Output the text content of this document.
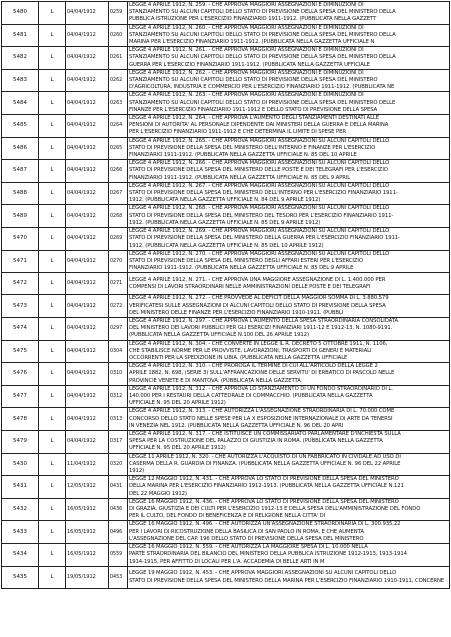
5480	L	04/04/1912	0259	LEGGE 4 APRILE 1912, N. 259. - CHE APPROVA MAGGIORI ASSEGNAZIONI E DIMINUZIONI DI
STANZIAMENTO SU ALCUNI CAPITOLI DELLO STATO DI PREVISIONE DELLA SPESA DEL MINISTERO DELLA
PUBBLICA ISTRUZIONE PER L'ESERCIZIO FINANZIARIO 1911-1912. (PUBBLICATA NELLA GAZZETT

5481	L	04/04/1912	0260	LEGGE 4 APRILE 1912, N. 260. - CHE APPROVA MAGGIORI ASSEGNAZIONI E DIMINUZIONI DI
STANZIAMENTO SU ALCUNI CAPITOLI DELLO STATO DI PREVISIONE DELLA SPESA DEL MINISTERO DELLA
MARINA PER L'ESERCIZIO FINANZIARIO 1911-1912. (PUBBLICATA NELLA GAZZETTA UFFICIALE N

5482	L	04/04/1912	0261	LEGGE 4 APRILE 1912, N. 261. - CHE APPROVA MAGGIORI ASSEGNAZIONI E DIMINUZIONI DI
STANZIAMENTO SU ALCUNI CAPITOLI DELLO STATO DI PREVISIONE DELLA SPESA DEL MINISTERO DELLA
GUERRA PER L'ESERCIZIO FINANZIARIO 1911-1912. (PUBBLICATA NELLA GAZZETTA UFFICIALE

5483	L	04/04/1912	0262	LEGGE 4 APRILE 1912, N. 262. - CHE APPROVA MAGGIORI ASSEGNAZIONI E DIMINUZIONI DI
STANZIAMENTO SU ALCUNI CAPITOLI DELLO STATO DI PREVISIONE DELLA SPESA DEL MINISTERO
D'AGRICOLTURA, INDUSTRIA E COMMERCIO PER L'ESERCIZIO FINANZIARIO 1911-1912. (PUBBLICATA NE

5484	L	04/04/1912	0263	LEGGE 4 APRILE 1912, N. 263. - CHE APPROVA MAGGIORI ASSEGNAZIONI E DIMINUZIONI DI
STANZIAMENTO SU ALCUNI CAPITOLI DELLO STATO DI PREVISIONE DELLA SPESA DEL MINISTERO DELLE
FINANZE PER L'ESERCIZIO FINANZIARIO 1911-1912 E DELLO STATO DI PREVISIONE DELLA SPESA

5485	L	04/04/1912	0264	LEGGE 4 APRILE 1912, N. 264. - CHE APPROVA L'AUMENTO DEGLI STANZIAMENTI DESTINATI ALLE
PENSIONI DI AUTORITA' AL PERSONALE DIPENDENTE DAI MINISTERI DELLA GUERRA E DELLA MARINA
PER L'ESERCIZIO FINANZIARIO 1911-1912 E CHE DETERMINA IL LIMITE DI SPESE PER

5486	L	04/04/1912	0265	LEGGE 4 APRILE 1912, N. 265. - CHE APPROVA MAGGIORI ASSEGNAZIONI SU ALCUNI CAPITOLI DELLO
STATO DI PREVISIONE DELLA SPESA DEL MINISTERO DELL'INTERNO E FINANZE PER L'ESERCIZIO
FINANZIARIO 1911-1912. (PUBBLICATA NELLA GAZZETTA UFFICIALE N. 85 DEL 10 APRILE

5487	L	04/04/1912	0266	LEGGE 4 APRILE 1912, N. 266. - CHE APPROVA MAGGIORI ASSEGNAZIONI SU ALCUNI CAPITOLI DELLO
STATO DI PREVISIONE DELLA SPESA DEL MINISTERO DELLE POSTE E DEI TELEGRAFI PER L'ESERCIZIO
FINANZIARIO 1911-1912. (PUBBLICATA NELLA GAZZETTA UFFICIALE N. 85 DEL 9 APRIL

5488	L	04/04/1912	0267	LEGGE 4 APRILE 1912, N. 267. - CHE APPROVA MAGGIORI ASSEGNAZIONI SU ALCUNI CAPITOLI DELLO
STATO DI PREVISIONE DELLA SPESA DEL MINISTERO DELL'INTERNO PER L'ESERCIZIO FINANZIARIO 1911-
1912. (PUBBLICATA NELLA GAZZETTA UFFICIALE N. 84 DEL 9 APRILE 1912)

5489	L	04/04/1912	0268	LEGGE 4 APRILE 1912, N. 268. - CHE APPROVA MAGGIORI ASSEGNAZIONI SU ALCUNI CAPITOLI DELLO
STATO DI PREVISIONE DELLA SPESA DEL MINISTERO DEL TESORO PER L'ESERCIZIO FINANZIARIO 1911-
1912. (PUBBLICATA NELLA GAZZETTA UFFICIALE N. 85 DEL 9 APRILE 1912)

5470	L	04/04/1912	0269	LEGGE 4 APRILE 1912, N. 269. - CHE APPROVA MAGGIORI ASSEGNAZIONI SU ALCUNI CAPITOLI DELLO
STATO DI PREVISIONE DELLA SPESA DEL MINISTERO DELLA GUERRA PER L'ESERCIZIO FINANZIARIO 1911-
1912. (PUBBLICATA NELLA GAZZETTA UFFICIALE N. 85 DEL 10 APRILE 1912)

5471	L	04/04/1912	0270	LEGGE 4 APRILE 1912, N. 270. - CHE APPROVA MAGGIORI ASSEGNAZIONI SU ALCUNI CAPITOLI DELLO
STATO DI PREVISIONE DELLA SPESA DEL MINISTERO DEGLI AFFARI ESTERI PER L'ESERCIZIO
FINANZIARIO 1911-1912. (PUBBLICATA NELLA GAZZETTA UFFICIALE N. 85 DEL 9 APRILE

5472	L	04/04/1912	0271	LEGGE 4 APRILE 1912, N. 271. - CHE APPROVA UNA MAGGIORE ASSEGNAZIONE DI L. 1.400.000 PER
COMPENSI DI LAVORI STRAORDINARI NELLE AMMINISTRAZIONI DELLE POSTE E DEI TELEGRAFI

5473	L	04/04/1912	0272	LEGGE 4 APRILE 1912, N. 272. - CHE PROVVEDE AL DEFICIT DELLA MAGGIOR SOMMA DI L. 3.880.579
VERIFICATESI SULLE ASSEGNAZIONI DI ALCUNI CAPITOLI DELLO STATO DI PREVISIONE DELLA SPESA
DEL MINISTERO DELLE FINANZE PER L'ESERCIZIO FINANZIARIO 1910-1911. (PUBBLI

5474	L	04/04/1912	0297	LEGGE 4 APRILE 1912, N. 297. - CHE APPROVA L'AUMENTO DELLA SPESA STRAORDINARIA CONSOLIDATA
DEL MINISTERO DEI LAVORI PUBBLICI PER GLI ESERCIZI FINANZIARI 1911-12 E 1912-13, N. 1080-9191.
(PUBBLICATA NELLA GAZZETTA UFFICIALE N.100 DEL 26 APRILE 1912)

5475	L	04/04/1912	0304	LEGGE 4 APRILE 1912, N. 304. - CHE CONVERTE IN LEGGE IL R. DECRETO 5 OTTOBRE 1911, N. 1106,
CHE STABILISCE NORME PER LE PROVVISTE, LAVORAZIONI, TRASPORTI DI GENERI E MATERIALI
OCCORRENTI PER LA SPEDIZIONE IN LIBIA. (PUBBLICATA NELLA GAZZETTA UFFICIALE

5476	L	04/04/1912	0310	LEGGE 4 APRILE 1912, N. 310. - CHE PROROGA IL TERMINE DI CUI ALL'ARTICOLO DELLA LEGGE 2
APRILE 1882, N. 698, (SERIE 3) SULL'AFFRANCAZIONE DELLE SERVITU' DI ERBATICO DI PASCOLO NELLE
PROVINCIE VENETE E DI MANTOVA. (PUBBLICATA NELLA GAZZETTA

5477	L	04/04/1912	0312	LEGGE 4 APRILE 1912, N. 312. - CHE APPROVA LO STANZIAMENTO DI UN FONDO STRAORDINARIO DI L.
140.000 PER I RESTAURI DELLA CATTEDRALE DI COMMACCHIO. (PUBBLICATA NELLA GAZZETTA
UFFICIALE N. 95 DEL 20 APRILE 1912)

5478	L	04/04/1912	0313	LEGGE 4 APRILE 1912, N. 313. - CHE AUTORIZZA L'ASSEGNAZIONE STRAORDINARIA DI L. 70.000 COME
CONCORSO DELLO STATO NELLE SPESE PER LA X ESPOSIZIONE INTERNAZIONALE DI ARTE DA TENERSI
IN VENEZIA NEL 1912. (PUBBLICATA NELLA GAZZETTA UFFICIALE N. 96 DEL 20 APRI

5479	L	04/04/1912	0317	LEGGE 4 APRILE 1912, N. 317. - CHE ISTITUISCE UN COMMISSARIATO PARLAMENTARE D'INCHIESTA SULLA
SPESA PER LA COSTRUZIONE DEL PALAZZO DI GIUSTIZIA IN ROMA. (PUBBLICATA NELLA GAZZETTA
UFFICIALE N. 95 DEL 20 APRILE 1912)

5430	L	11/04/1912	0320	LEGGE 11 APRILE 1912, N. 320. - CHE AUTORIZZA L'ACQUISTO DI UN FABBRICATO IN CIVIDALE AD USO DI
CASERMA DELLA R. GUARDIA DI FINANZA. (PUBBLICATA NELLA GAZZETTA UFFICIALE N. 96 DEL 22 APRILE
1912)

5431	L	12/05/1912	0431	LEGGE 12 MAGGIO 1912, N. 431. - CHE APPROVA LO STATO DI PREVISIONE DELLA SPESA DEL MINISTERO
DELLA MARINA PER L'ESERCIZIO FINANZIARIO 1912-1913. (PUBBLICATA NELLA GAZZETTA UFFICIALE N.121
DEL 22 MAGGIO 1912)

5432	L	16/05/1912	0436	LEGGE 16 MAGGIO 1912, N. 436. - CHE APPROVA LO STATO DI PREVISIONE DELLA SPESA DEL MINISTERO
DI GRAZIA, GIUSTIZIA E DEI CULTI PER L'ESERCIZIO 1912-13 E DELLA SPESA DELL'AMMINISTRAZIONE DEL FONDO
PER IL CULTO, DEL FONDO DI BENEFICENZA E DI RELIGIONE NELLA CITTA' DI

5433	L	16/05/1912	0496	LEGGE 16 MAGGIO 1912, N. 496. - CHE AUTORIZZA UN'ASSEGNAZIONE STRAORDINARIA DI L. 300.935,22
PER I LAVORI DI RICOSTRUZIONE DELLA BASILICA DI SAN PAOLO IN ROMA, E CHE AUMENTA
L'ASSEGNAZIONE DEL CAP. 196 DELLO STATO DI PREVISIONE DELLA SPESA DEL MINISTERO

5434	L	16/05/1912	0559	LEGGE 16 MAGGIO 1912, N. 559. - CHE AUTORIZZA LA MAGGIORE SPESA DI L. 10.000 NELLA
PARTE STRAORDINARIA DEL BILANCIO DEL MINISTERO DELLA PUBBLICA ISTRUZIONE 1912-1913, 1913-1914
1914-1915, PER AFFITTO DI LOCALI PER L'A. ACCADEMIA DI BELLE ARTI IN M

5435	L	19/05/1912	0453	LEGGE 19 MAGGIO 1912, N. 453. - CHE APPROVA MAGGIORI ASSEGNAZIONI SU ALCUNI CAPITOLI DELLO
STATO DI PREVISIONE DELLA SPESA DEL MINISTERO DELLA MARINA PER L'ESERCIZIO FINANZIARIO 1910-1911, CONCERNE
